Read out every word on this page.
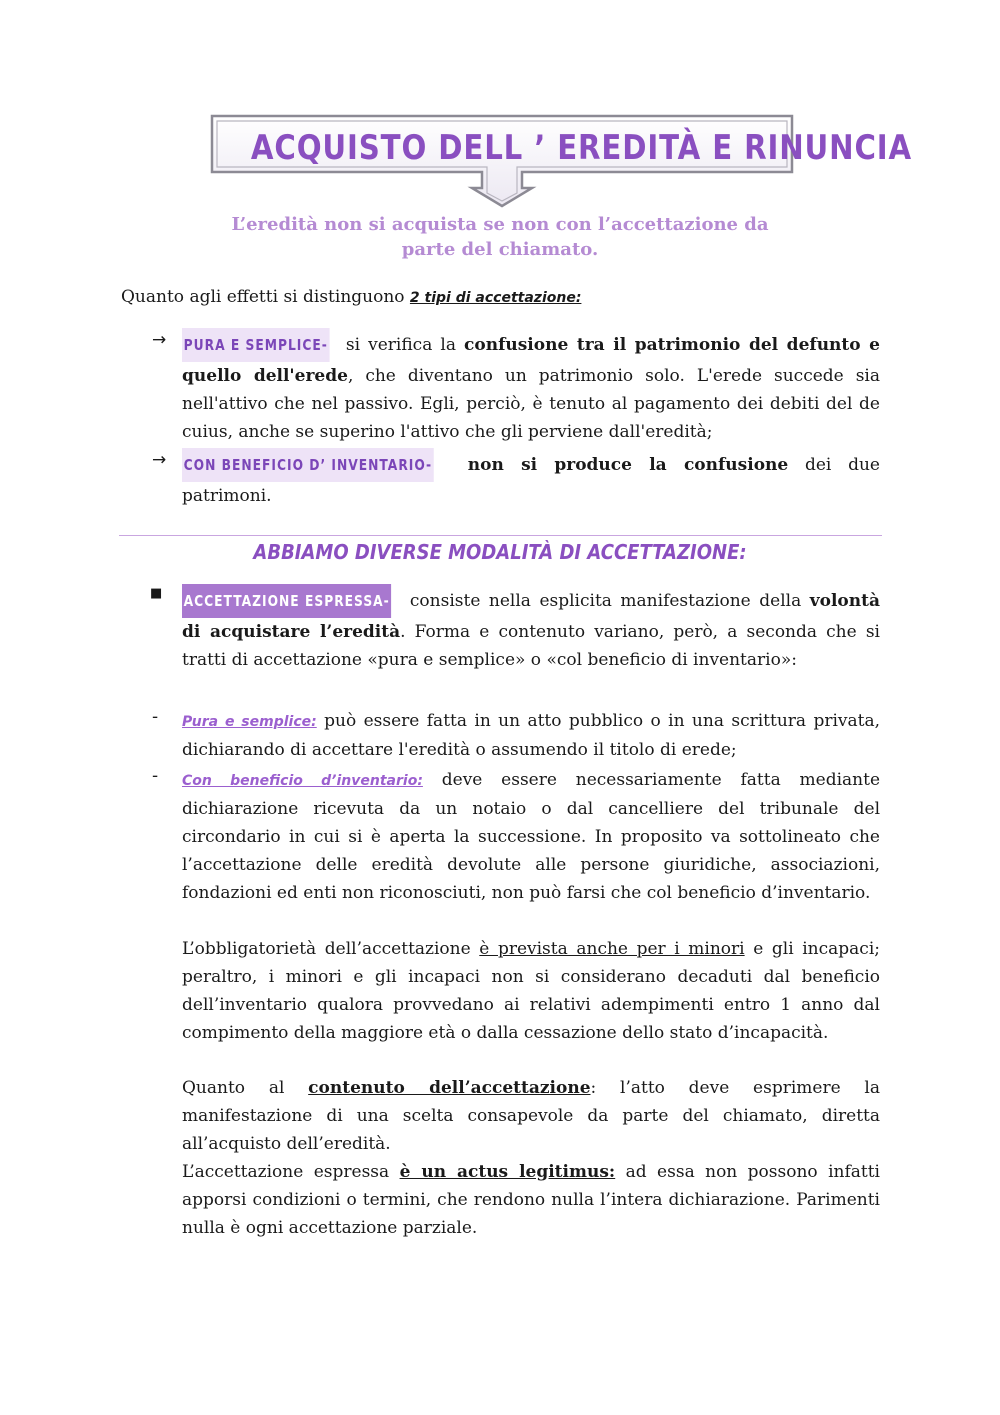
ACQUISTO DELL ’ EREDITÀ E RINUNCIA
L’eredità non si acquista se non con l’accettazione da
parte del chiamato.
Quanto agli effetti si distinguono 2 tipi di accettazione:
→ PURA E SEMPLICE- si verifica la confusione tra il patrimonio del defunto e quello dell'erede, che diventano un patrimonio solo. L'erede succede sia nell'attivo che nel passivo. Egli, perciò, è tenuto al pagamento dei debiti del de cuius, anche se superino l'attivo che gli perviene dall'eredità;
→ CON BENEFICIO D’ INVENTARIO- non si produce la confusione dei due patrimoni.
ABBIAMO DIVERSE MODALITÀ DI ACCETTAZIONE:
■ ACCETTAZIONE ESPRESSA- consiste nella esplicita manifestazione della volontà di acquistare l’eredità. Forma e contenuto variano, però, a seconda che si tratti di accettazione «pura e semplice» o «col beneficio di inventario»:
- Pura e semplice: può essere fatta in un atto pubblico o in una scrittura privata, dichiarando di accettare l'eredità o assumendo il titolo di erede;
- Con beneficio d’inventario: deve essere necessariamente fatta mediante dichiarazione ricevuta da un notaio o dal cancelliere del tribunale del circondario in cui si è aperta la successione. In proposito va sottolineato che l’accettazione delle eredità devolute alle persone giuridiche, associazioni, fondazioni ed enti non riconosciuti, non può farsi che col beneficio d’inventario.
L’obbligatorietà dell’accettazione è prevista anche per i minori e gli incapaci; peraltro, i minori e gli incapaci non si considerano decaduti dal beneficio dell’inventario qualora provvedano ai relativi adempimenti entro 1 anno dal compimento della maggiore età o dalla cessazione dello stato d’incapacità.
Quanto al contenuto dell’accettazione: l’atto deve esprimere la manifestazione di una scelta consapevole da parte del chiamato, diretta all’acquisto dell’eredità.
L’accettazione espressa è un actus legitimus: ad essa non possono infatti apporsi condizioni o termini, che rendono nulla l’intera dichiarazione. Parimenti nulla è ogni accettazione parziale.
